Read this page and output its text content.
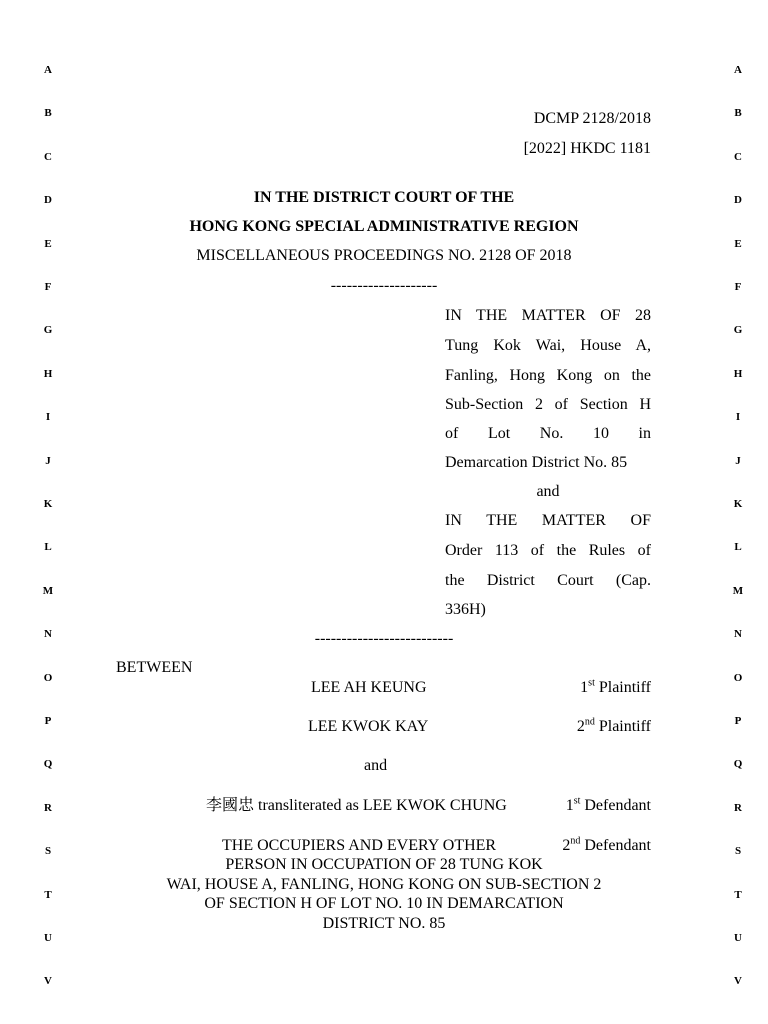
A
B
C
D
E
F
G
H
I
J
K
L
M
N
O
P
Q
R
S
T
U
V
A
B
C
D
E
F
G
H
I
J
K
L
M
N
O
P
Q
R
S
T
U
V
DCMP 2128/2018
[2022] HKDC 1181
IN THE DISTRICT COURT OF THE
HONG KONG SPECIAL ADMINISTRATIVE REGION
MISCELLANEOUS PROCEEDINGS NO. 2128 OF 2018
--------------------
IN THE MATTER OF 28
Tung Kok Wai, House A,
Fanling, Hong Kong on the
Sub-Section 2 of Section H
of Lot No. 10 in
Demarcation District No. 85
and
IN THE MATTER OF
Order 113 of the Rules of
the District Court (Cap.
336H)
--------------------------
BETWEEN
LEE AH KEUNG	1st Plaintiff
LEE KWOK KAY	2nd Plaintiff
and
李國忠 transliterated as LEE KWOK CHUNG	1st Defendant
THE OCCUPIERS AND EVERY OTHER	2nd Defendant
PERSON IN OCCUPATION OF 28 TUNG KOK
WAI, HOUSE A, FANLING, HONG KONG ON SUB-SECTION 2
OF SECTION H OF LOT NO. 10 IN DEMARCATION
DISTRICT NO. 85
